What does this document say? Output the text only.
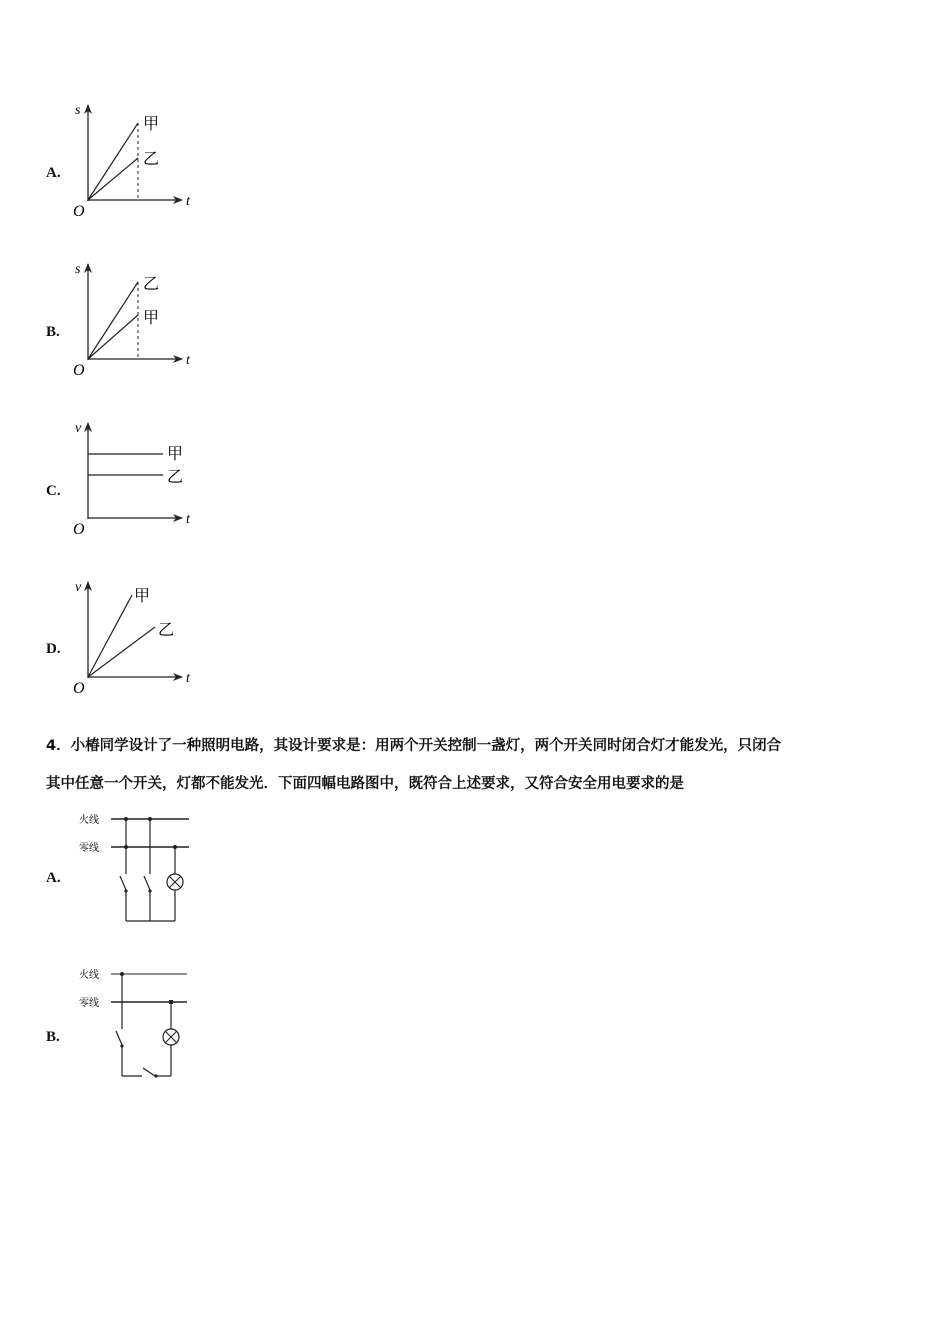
A.
s
t
O
甲
乙
B.
s
t
O
乙
甲
C.
v
t
O
甲
乙
D.
v
t
O
甲
乙

4．小椿同学设计了一种照明电路，其设计要求是：用两个开关控制一盏灯，两个开关同时闭合灯才能发光，只闭合

其中任意一个开关，灯都不能发光．下面四幅电路图中，既符合上述要求，又符合安全用电要求的是

A.
火线
零线
B.
火线
零线
